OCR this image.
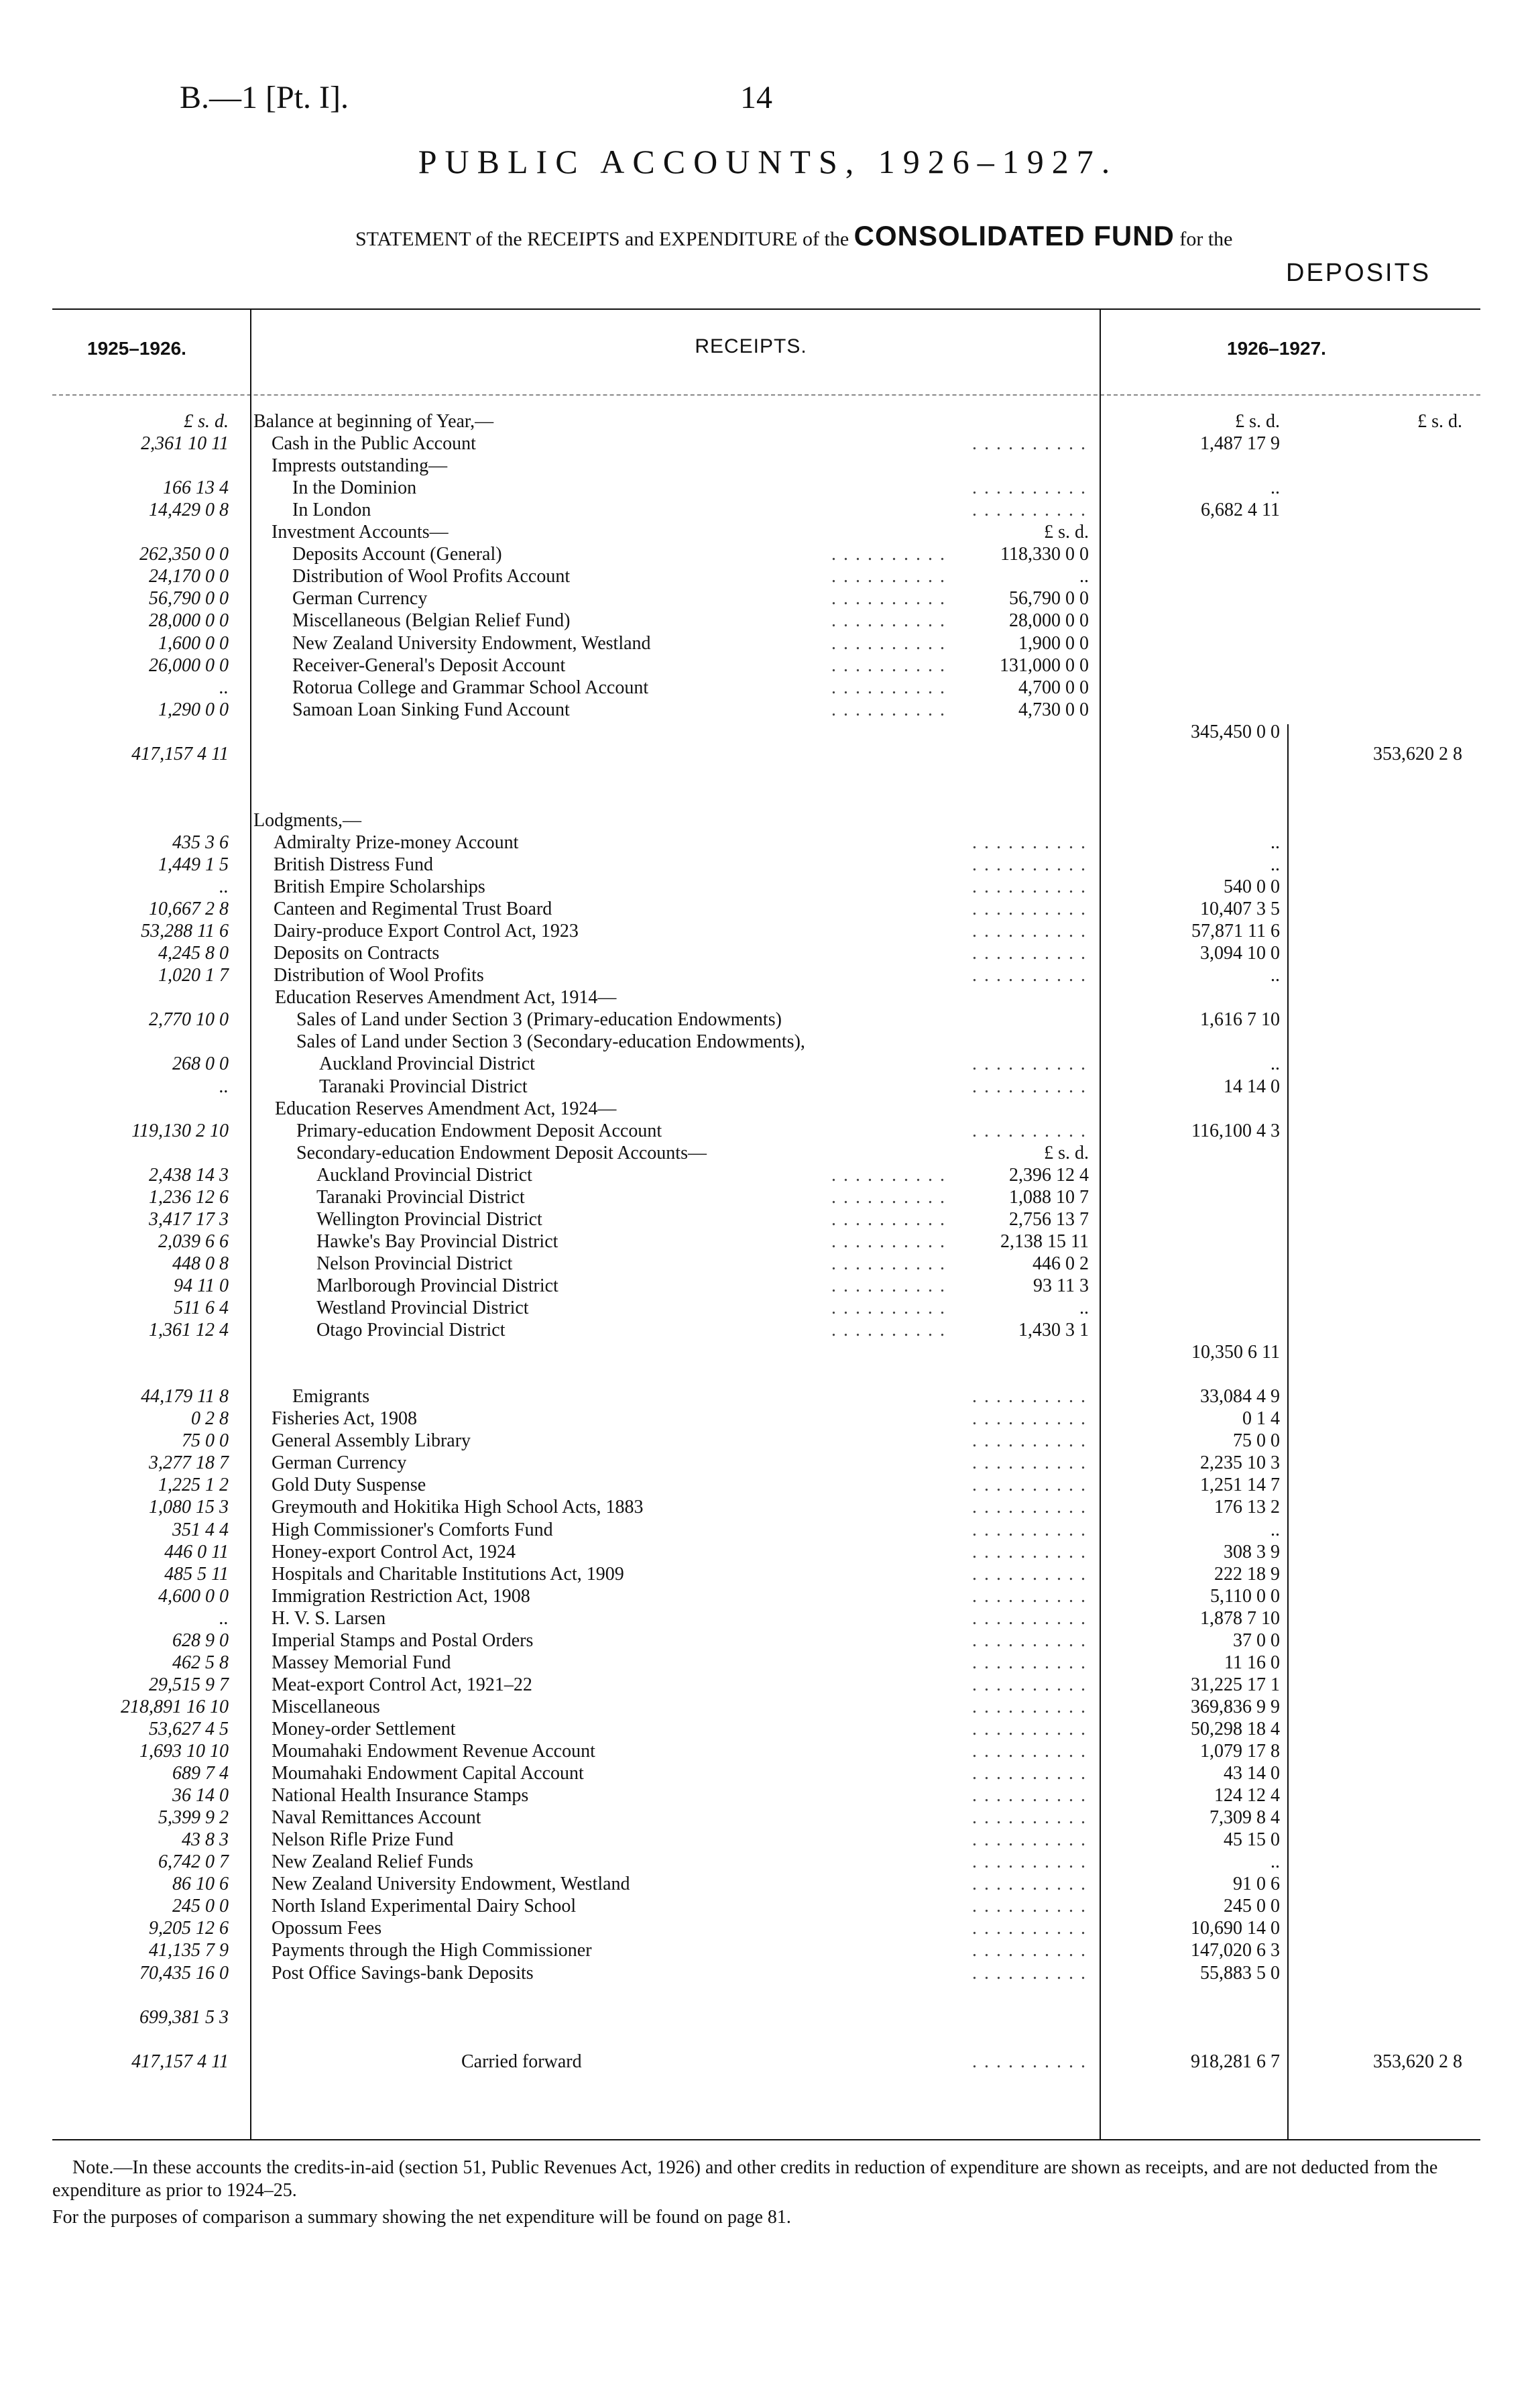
B.—1 [Pt. I].	14
PUBLIC ACCOUNTS, 1926–1927.
STATEMENT of the RECEIPTS and EXPENDITURE of the CONSOLIDATED FUND for the
DEPOSITS
1925–1926.	RECEIPTS.	1926–1927.
£ s. d. Balance at beginning of Year,—	£ s. d.	£ s. d.
2,361 10 11 Cash in the Public Account	. . . . . . . . . .	1,487 17 9
Imprests outstanding—
166 13 4	In the Dominion	. . . . . . . . . .	..
14,429 0 8	In London	. . . . . . . . . .	6,682 4 11
Investment Accounts—	£ s. d.
262,350 0 0	Deposits Account (General)	. . . . . . . . . .	118,330 0 0
24,170 0 0	Distribution of Wool Profits Account	. . . . . . . . . .	..
56,790 0 0	German Currency	. . . . . . . . . .	56,790 0 0
28,000 0 0	Miscellaneous (Belgian Relief Fund)	. . . . . . . . . .	28,000 0 0
1,600 0 0	New Zealand University Endowment, Westland	. . . . . . . . . .	1,900 0 0
26,000 0 0	Receiver-General's Deposit Account	. . . . . . . . . .	131,000 0 0
..	Rotorua College and Grammar School Account	. . . . . . . . . .	4,700 0 0
1,290 0 0	Samoan Loan Sinking Fund Account	. . . . . . . . . .	4,730 0 0
345,450 0 0
417,157 4 11	353,620 2 8
Lodgments,—
435 3 6 Admiralty Prize-money Account	. . . . . . . . . .	..
1,449 1 5 British Distress Fund	. . . . . . . . . .	..
.. British Empire Scholarships	. . . . . . . . . .	540 0 0
10,667 2 8 Canteen and Regimental Trust Board	. . . . . . . . . .	10,407 3 5
53,288 11 6 Dairy-produce Export Control Act, 1923	. . . . . . . . . .	57,871 11 6
4,245 8 0 Deposits on Contracts	. . . . . . . . . .	3,094 10 0
1,020 1 7 Distribution of Wool Profits	. . . . . . . . . .	..
Education Reserves Amendment Act, 1914—
2,770 10 0	Sales of Land under Section 3 (Primary-education Endowments)	1,616 7 10
Sales of Land under Section 3 (Secondary-education Endowments),
268 0 0	Auckland Provincial District	. . . . . . . . . .	..
..	Taranaki Provincial District	. . . . . . . . . .	14 14 0
Education Reserves Amendment Act, 1924—
119,130 2 10	Primary-education Endowment Deposit Account	. . . . . . . . . .	116,100 4 3
Secondary-education Endowment Deposit Accounts—	£ s. d.
2,438 14 3	Auckland Provincial District	. . . . . . . . . .	2,396 12 4
1,236 12 6	Taranaki Provincial District	. . . . . . . . . .	1,088 10 7
3,417 17 3	Wellington Provincial District	. . . . . . . . . .	2,756 13 7
2,039 6 6	Hawke's Bay Provincial District	. . . . . . . . . .	2,138 15 11
448 0 8	Nelson Provincial District	. . . . . . . . . .	446 0 2
94 11 0	Marlborough Provincial District	. . . . . . . . . .	93 11 3
511 6 4	Westland Provincial District	. . . . . . . . . .	..
1,361 12 4	Otago Provincial District	. . . . . . . . . .	1,430 3 1
10,350 6 11
44,179 11 8	Emigrants	. . . . . . . . . .	33,084 4 9
0 2 8 Fisheries Act, 1908	. . . . . . . . . .	0 1 4
75 0 0 General Assembly Library	. . . . . . . . . .	75 0 0
3,277 18 7 German Currency	. . . . . . . . . .	2,235 10 3
1,225 1 2 Gold Duty Suspense	. . . . . . . . . .	1,251 14 7
1,080 15 3 Greymouth and Hokitika High School Acts, 1883	. . . . . . . . . .	176 13 2
351 4 4 High Commissioner's Comforts Fund	. . . . . . . . . .	..
446 0 11 Honey-export Control Act, 1924	. . . . . . . . . .	308 3 9
485 5 11 Hospitals and Charitable Institutions Act, 1909	. . . . . . . . . .	222 18 9
4,600 0 0 Immigration Restriction Act, 1908	. . . . . . . . . .	5,110 0 0
.. H. V. S. Larsen	. . . . . . . . . .	1,878 7 10
628 9 0 Imperial Stamps and Postal Orders	. . . . . . . . . .	37 0 0
462 5 8 Massey Memorial Fund	. . . . . . . . . .	11 16 0
29,515 9 7 Meat-export Control Act, 1921–22	. . . . . . . . . .	31,225 17 1
218,891 16 10 Miscellaneous	. . . . . . . . . .	369,836 9 9
53,627 4 5 Money-order Settlement	. . . . . . . . . .	50,298 18 4
1,693 10 10 Moumahaki Endowment Revenue Account	. . . . . . . . . .	1,079 17 8
689 7 4 Moumahaki Endowment Capital Account	. . . . . . . . . .	43 14 0
36 14 0 National Health Insurance Stamps	. . . . . . . . . .	124 12 4
5,399 9 2 Naval Remittances Account	. . . . . . . . . .	7,309 8 4
43 8 3 Nelson Rifle Prize Fund	. . . . . . . . . .	45 15 0
6,742 0 7 New Zealand Relief Funds	. . . . . . . . . .	..
86 10 6 New Zealand University Endowment, Westland	. . . . . . . . . .	91 0 6
245 0 0 North Island Experimental Dairy School	. . . . . . . . . .	245 0 0
9,205 12 6 Opossum Fees	. . . . . . . . . .	10,690 14 0
41,135 7 9 Payments through the High Commissioner	. . . . . . . . . .	147,020 6 3
70,435 16 0 Post Office Savings-bank Deposits	. . . . . . . . . .	55,883 5 0
699,381 5 3
417,157 4 11	Carried forward	. . . . . . . . . .	918,281 6 7	353,620 2 8
Note.—In these accounts the credits-in-aid (section 51, Public Revenues Act, 1926) and other credits in reduction of expenditure are shown as receipts, and are not deducted from the expenditure as prior to 1924–25.
For the purposes of comparison a summary showing the net expenditure will be found on page 81.
